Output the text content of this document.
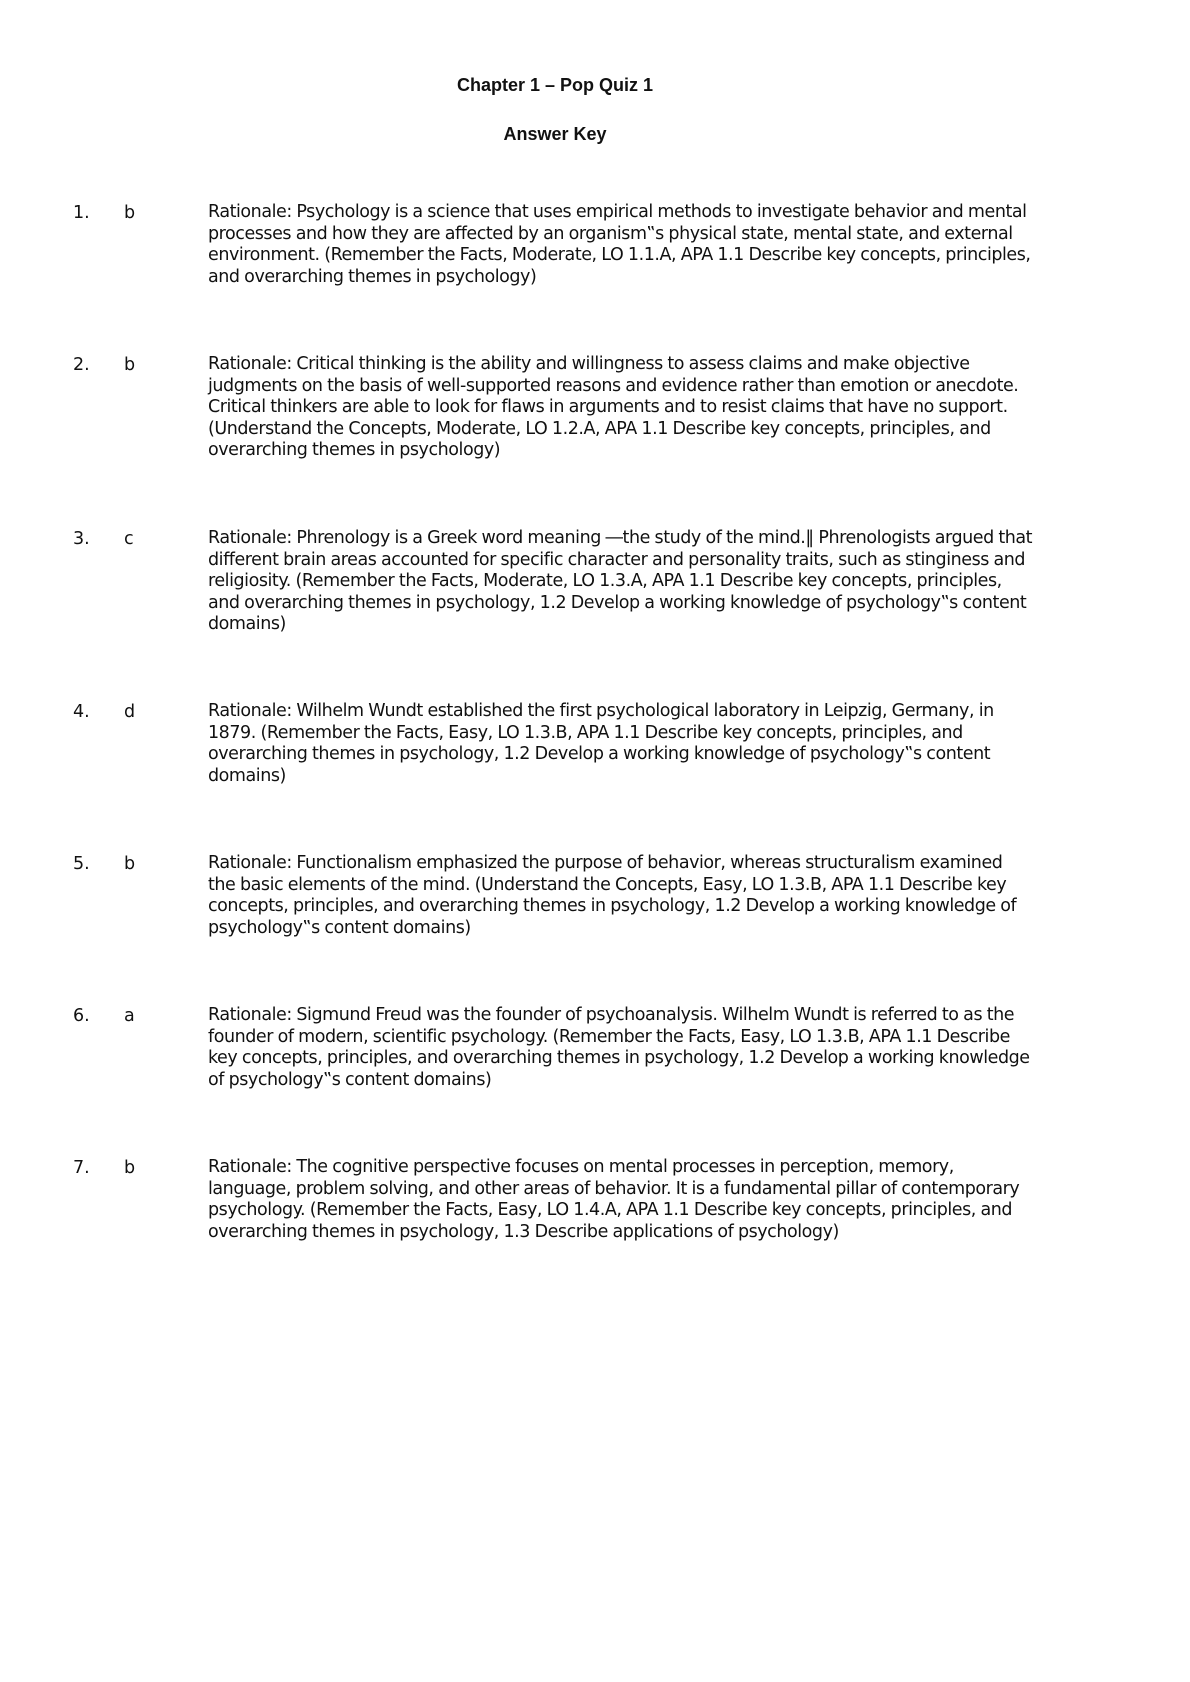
Chapter 1 – Pop Quiz 1
Answer Key
1. b	Rationale: Psychology is a science that uses empirical methods to investigate behavior and mental processes and how they are affected by an organism‟s physical state, mental state, and external environment. (Remember the Facts, Moderate, LO 1.1.A, APA 1.1 Describe key concepts, principles, and overarching themes in psychology)
2. b	Rationale: Critical thinking is the ability and willingness to assess claims and make objective judgments on the basis of well-supported reasons and evidence rather than emotion or anecdote. Critical thinkers are able to look for flaws in arguments and to resist claims that have no support. (Understand the Concepts, Moderate, LO 1.2.A, APA 1.1 Describe key concepts, principles, and overarching themes in psychology)
3. c	Rationale: Phrenology is a Greek word meaning ―the study of the mind.‖ Phrenologists argued that different brain areas accounted for specific character and personality traits, such as stinginess and religiosity. (Remember the Facts, Moderate, LO 1.3.A, APA 1.1 Describe key concepts, principles, and overarching themes in psychology, 1.2 Develop a working knowledge of psychology‟s content domains)
4. d	Rationale: Wilhelm Wundt established the first psychological laboratory in Leipzig, Germany, in 1879. (Remember the Facts, Easy, LO 1.3.B, APA 1.1 Describe key concepts, principles, and overarching themes in psychology, 1.2 Develop a working knowledge of psychology‟s content domains)
5. b	Rationale: Functionalism emphasized the purpose of behavior, whereas structuralism examined the basic elements of the mind. (Understand the Concepts, Easy, LO 1.3.B, APA 1.1 Describe key concepts, principles, and overarching themes in psychology, 1.2 Develop a working knowledge of psychology‟s content domains)
6. a	Rationale: Sigmund Freud was the founder of psychoanalysis. Wilhelm Wundt is referred to as the founder of modern, scientific psychology. (Remember the Facts, Easy, LO 1.3.B, APA 1.1 Describe key concepts, principles, and overarching themes in psychology, 1.2 Develop a working knowledge of psychology‟s content domains)
7. b	Rationale: The cognitive perspective focuses on mental processes in perception, memory, language, problem solving, and other areas of behavior. It is a fundamental pillar of contemporary psychology. (Remember the Facts, Easy, LO 1.4.A, APA 1.1 Describe key concepts, principles, and overarching themes in psychology, 1.3 Describe applications of psychology)
